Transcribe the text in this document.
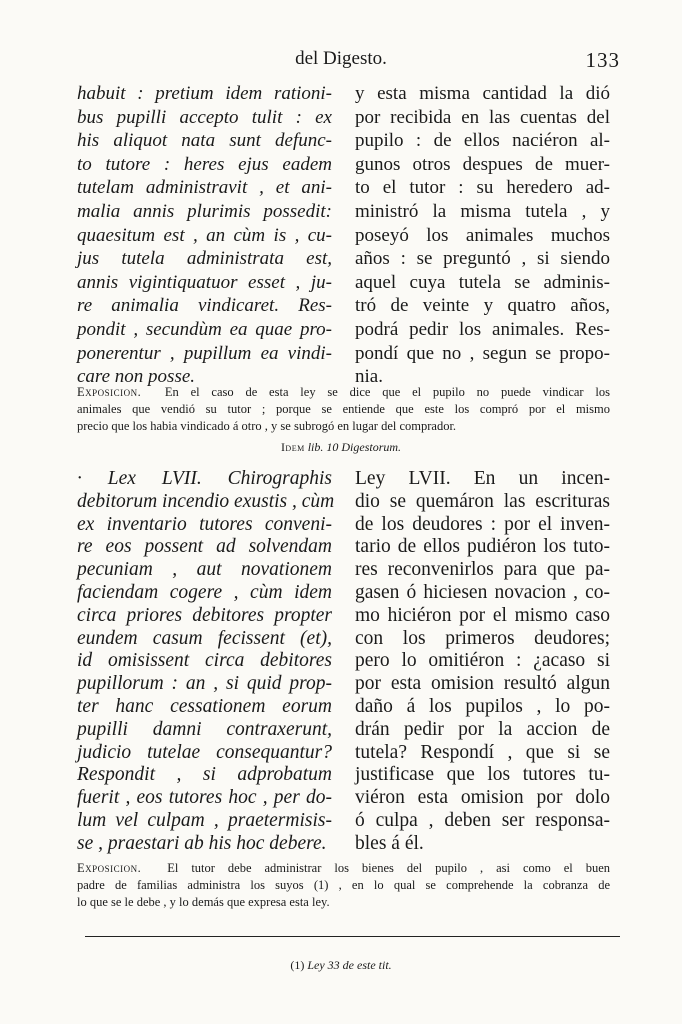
del Digesto.	133
habuit : pretium idem rationi-
bus pupilli accepto tulit : ex
his aliquot nata sunt defunc-
to tutore : heres ejus eadem
tutelam administravit , et ani-
malia annis plurimis possedit:
quaesitum est , an cùm is , cu-
jus tutela administrata est,
annis vigintiquatuor esset , ju-
re animalia vindicaret. Res-
pondit , secundùm ea quae pro-
ponerentur , pupillum ea vindi-
care non posse.
y esta misma cantidad la dió
por recibida en las cuentas del
pupilo : de ellos naciéron al-
gunos otros despues de muer-
to el tutor : su heredero ad-
ministró la misma tutela , y
poseyó los animales muchos
años : se preguntó , si siendo
aquel cuya tutela se adminis-
tró de veinte y quatro años,
podrá pedir los animales. Res-
pondí que no , segun se propo-
nia.
Exposicion. En el caso de esta ley se dice que el pupilo no puede vindicar los
animales que vendió su tutor ; porque se entiende que este los compró por el mismo
precio que los habia vindicado á otro , y se subrogó en lugar del comprador.
Idem lib. 10 Digestorum.
· Lex LVII. Chirographis
debitorum incendio exustis , cùm
ex inventario tutores conveni-
re eos possent ad solvendam
pecuniam , aut novationem
faciendam cogere , cùm idem
circa priores debitores propter
eundem casum fecissent (et),
id omisissent circa debitores
pupillorum : an , si quid prop-
ter hanc cessationem eorum
pupilli damni contraxerunt,
judicio tutelae consequantur?
Respondit , si adprobatum
fuerit , eos tutores hoc , per do-
lum vel culpam , praetermisis-
se , praestari ab his hoc debere.
Ley LVII. En un incen-
dio se quemáron las escrituras
de los deudores : por el inven-
tario de ellos pudiéron los tuto-
res reconvenirlos para que pa-
gasen ó hiciesen novacion , co-
mo hiciéron por el mismo caso
con los primeros deudores;
pero lo omitiéron : ¿acaso si
por esta omision resultó algun
daño á los pupilos , lo po-
drán pedir por la accion de
tutela? Respondí , que si se
justificase que los tutores tu-
viéron esta omision por dolo
ó culpa , deben ser responsa-
bles á él.
Exposicion. El tutor debe administrar los bienes del pupilo , asi como el buen
padre de familias administra los suyos (1) , en lo qual se comprehende la cobranza de
lo que se le debe , y lo demás que expresa esta ley.
(1) Ley 33 de este tit.
